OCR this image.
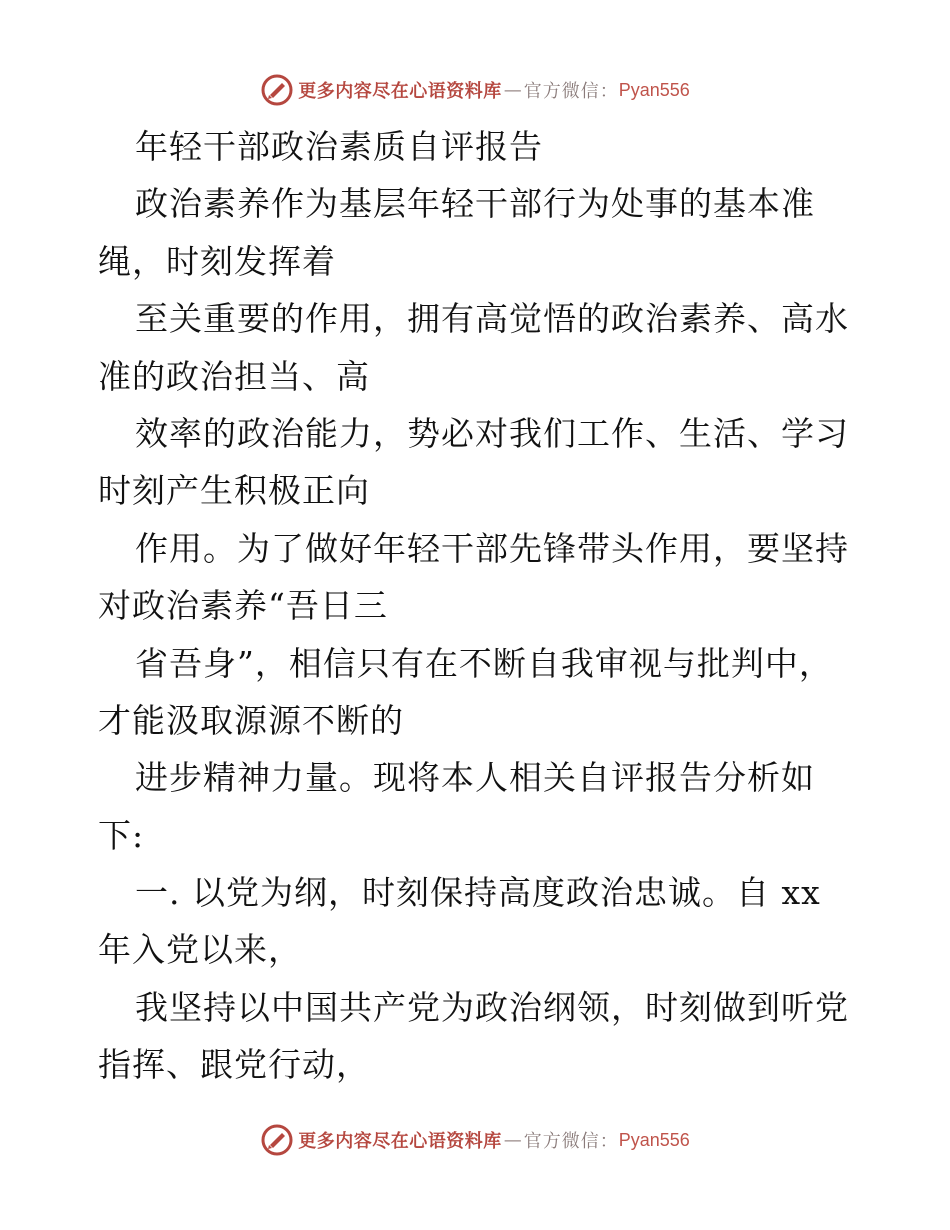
更多内容尽在心语资料库 — 官方微信： Pyan556
年轻干部政治素质自评报告
政治素养作为基层年轻干部行为处事的基本准
绳，时刻发挥着
至关重要的作用，拥有高觉悟的政治素养、高水
准的政治担当、高
效率的政治能力，势必对我们工作、生活、学习
时刻产生积极正向
作用。为了做好年轻干部先锋带头作用，要坚持
对政治素养“吾日三
省吾身”，相信只有在不断自我审视与批判中，
才能汲取源源不断的
进步精神力量。现将本人相关自评报告分析如
下:
一. 以党为纲，时刻保持高度政治忠诚。自 xx
年入党以来，
我坚持以中国共产党为政治纲领，时刻做到听党
指挥、跟党行动，
更多内容尽在心语资料库 — 官方微信： Pyan556
